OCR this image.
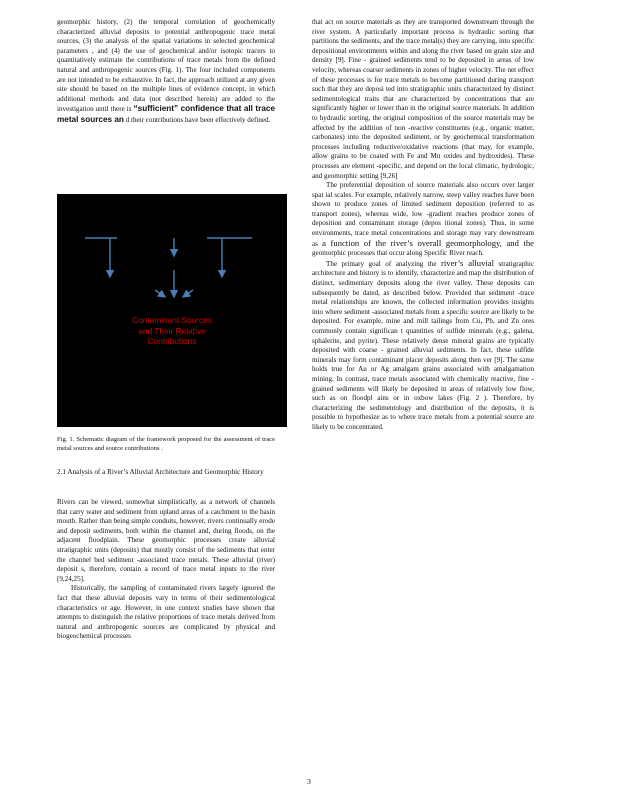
geomorphic history, (2) the temporal correlation of geochemically characterized alluvial deposits to potential anthropogenic trace metal sources, (3) the analysis of the spatial variations in selected geochemical parameters , and (4) the use of geochemical and/or isotopic tracers to quantitatively estimate the contributions of trace metals from the defined natural and anthropogenic sources (Fig. 1). The four included components are not intended to be exhaustive. In fact, the approach utilized at any given site should be based on the multiple lines of evidence concept, in which additional methods and data (not described herein) are added to the investigation until there is “sufficient” confidence that all trace metal sources an d their contributions have been effectively defined.

Contaminant Sources
and Their Relative
Contributions
Fig. 1. Schematic diagram of the framework proposed for the assessment of trace metal sources and source contributions .
2.1 Analysis of a River’s Alluvial Architecture and Geomorphic History

Rivers can be viewed, somewhat simplistically, as a network of channels that carry water and sediment from upland areas of a catchment to the basin mouth. Rather than being simple conduits, however, rivers continually erode and deposit sediments, both within the channel and, during floods, on the adjacent floodplain. These geomorphic processes create alluvial stratigraphic units (deposits) that mostly consist of the sediments that enter the channel bed sediment -associated trace metals. These alluvial (river) deposit s, therefore, contain a record of trace metal inputs to the river [9,24,25].

Historically, the sampling of contaminated rivers largely ignored the fact that these alluvial deposits vary in terms of their sedimentological characteristics or age. However, in one context studies have shown that attempts to distinguish the relative proportions of trace metals derived from natural and anthropogenic sources are complicated by physical and biogeochemical processes

that act on source materials as they are transported downstream through the river system. A particularly important process is hydraulic sorting that partitions the sediments, and the trace metal(s) they are carrying, into specific depositional environments within and along the river based on grain size and density [9]. Fine - grained sediments tend to be deposited in areas of low velocity, whereas coarser sediments in zones of higher velocity. The net effect of these processes is for trace metals to become partitioned during transport such that they are deposi ted into stratigraphic units characterized by distinct sedimentological traits that are characterized by concentrations that are significantly higher or lower than in the original source materials. In addition to hydraulic sorting, the original composition of the source materials may be affected by the addition of non -reactive constituents (e.g., organic matter, carbonates) into the deposited sediment, or by geochemical transformation processes including reductive/oxidative reactions (that may, for example, allow grains to be coated with Fe and Mn oxides and hydroxides). These processes are element -specific, and depend on the local climatic, hydrologic, and geomorphic setting [9,26]

The preferential deposition of source materials also occurs over larger spat ial scales. For example, relatively narrow, steep valley reaches have been shown to produce zones of limited sediment deposition (referred to as transport zones), whereas wide, low -gradient reaches produce zones of deposition and contaminant storage (depos itional zones). Thus, in some environments, trace metal concentrations and storage may vary downstream as a function of the river’s overall geomorphology, and the geomorphic processes that occur along Specific River reach.

The primary goal of analyzing the river’s alluvial stratigraphic architecture and history is to identify, characterize and map the distribution of distinct, sedimentary deposits along the river valley. These deposits can subsequently be dated, as described below. Provided that sediment -trace metal relationships are known, the collected information provides insights into where sediment -associated metals from a specific source are likely to be deposited. For example, mine and mill tailings from Cu, Pb, and Zn ores commonly contain significan t quantities of sulfide minerals (e.g., galena, sphalerite, and pyrite). These relatively dense mineral grains are typically deposited with coarse - grained alluvial sediments. In fact, these sulfide minerals may form contaminant placer deposits along then ver [9]. The same holds true for Au or Ag amalgam grains associated with amalgamation mining. In contrast, trace metals associated with chemically reactive, fine -grained sediments will likely be deposited in areas of relatively low flow, such as on floodpl ains or in oxbow lakes (Fig. 2 ). Therefore, by characterizing the sedimentology and distribution of the deposits, it is possible to hypothesize as to where trace metals from a potential source are likely to be concentrated.

3
